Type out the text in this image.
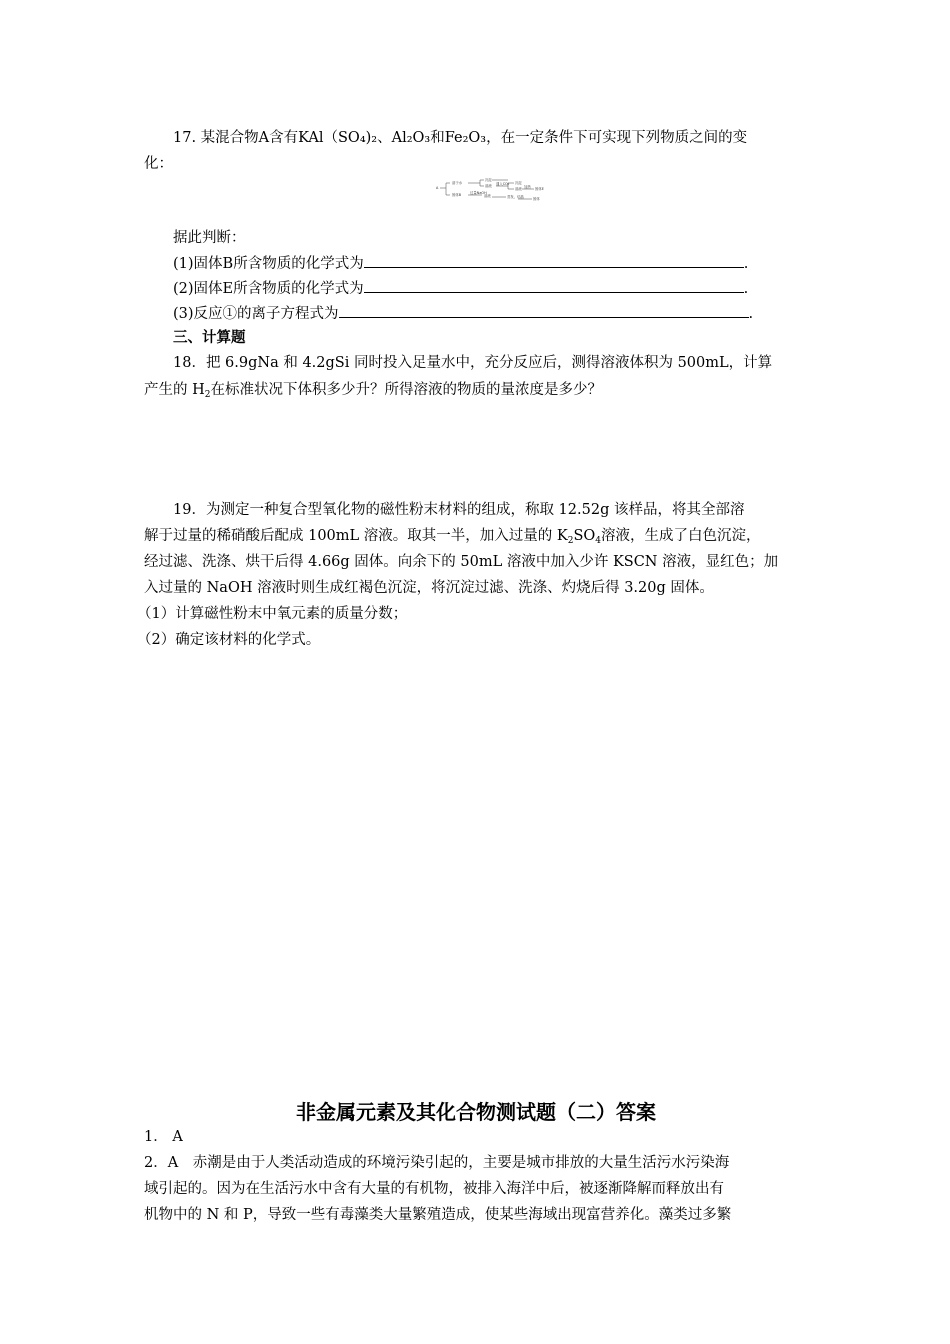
17. 某混合物A含有KAl（SO₄)₂、Al₂O₃和Fe₂O₃，在一定条件下可实现下列物质之间的变
化：
A
溶于水
沉淀
溶液
固体B	过量NaOH
溶液
沉淀
溶液
通入CO₂
加热 固体E
蒸发、结晶	固体
据此判断：
(1)固体B所含物质的化学式为	.
(2)固体E所含物质的化学式为	.
(3)反应①的离子方程式为	.
三、计算题
18．把 6.9gNa 和 4.2gSi 同时投入足量水中，充分反应后，测得溶液体积为 500mL，计算
产生的 $H_2$在标准状况下体积多少升？所得溶液的物质的量浓度是多少？
19．为测定一种复合型氧化物的磁性粉末材料的组成，称取 12.52g 该样品，将其全部溶
解于过量的稀硝酸后配成 100mL 溶液。取其一半，加入过量的 $K_2SO_4$溶液，生成了白色沉淀，
经过滤、洗涤、烘干后得 4.66g 固体。向余下的 50mL 溶液中加入少许 KSCN 溶液，显红色；加
入过量的 NaOH 溶液时则生成红褐色沉淀，将沉淀过滤、洗涤、灼烧后得 3.20g 固体。
（1）计算磁性粉末中氧元素的质量分数；
（2）确定该材料的化学式。
非金属元素及其化合物测试题（二）答案
1． A
2．A　赤潮是由于人类活动造成的环境污染引起的，主要是城市排放的大量生活污水污染海
域引起的。因为在生活污水中含有大量的有机物，被排入海洋中后，被逐渐降解而释放出有
机物中的 N 和 P，导致一些有毒藻类大量繁殖造成，使某些海域出现富营养化。藻类过多繁
